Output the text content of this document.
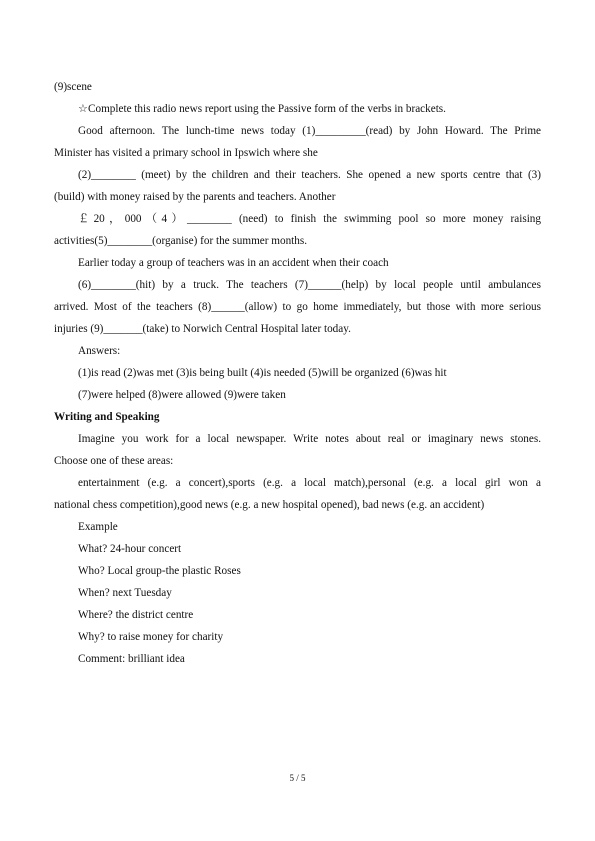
(9)scene
☆Complete this radio news report using the Passive form of the verbs in brackets.
Good afternoon. The lunch-time news today (1)_________(read) by John Howard. The Prime
Minister has visited a primary school in Ipswich where she
(2)________ (meet) by the children and their teachers. She opened a new sports centre that (3)
(build) with money raised by the parents and teachers. Another
￡20，000（4）________ (need) to finish the swimming pool so more money raising
activities(5)________(organise) for the summer months.
Earlier today a group of teachers was in an accident when their coach
(6)________(hit) by a truck. The teachers (7)______(help) by local people until ambulances
arrived. Most of the teachers (8)______(allow) to go home immediately, but those with more serious
injuries (9)_______(take) to Norwich Central Hospital later today.
Answers:
(1)is read (2)was met (3)is being built (4)is needed (5)will be organized (6)was hit
(7)were helped (8)were allowed (9)were taken
Writing and Speaking
Imagine you work for a local newspaper. Write notes about real or imaginary news stones.
Choose one of these areas:
entertainment (e.g. a concert),sports (e.g. a local match),personal (e.g. a local girl won a
national chess competition),good news (e.g. a new hospital opened), bad news (e.g. an accident)
Example
What? 24-hour concert
Who? Local group-the plastic Roses
When? next Tuesday
Where? the district centre
Why? to raise money for charity
Comment: brilliant idea
5 / 5
